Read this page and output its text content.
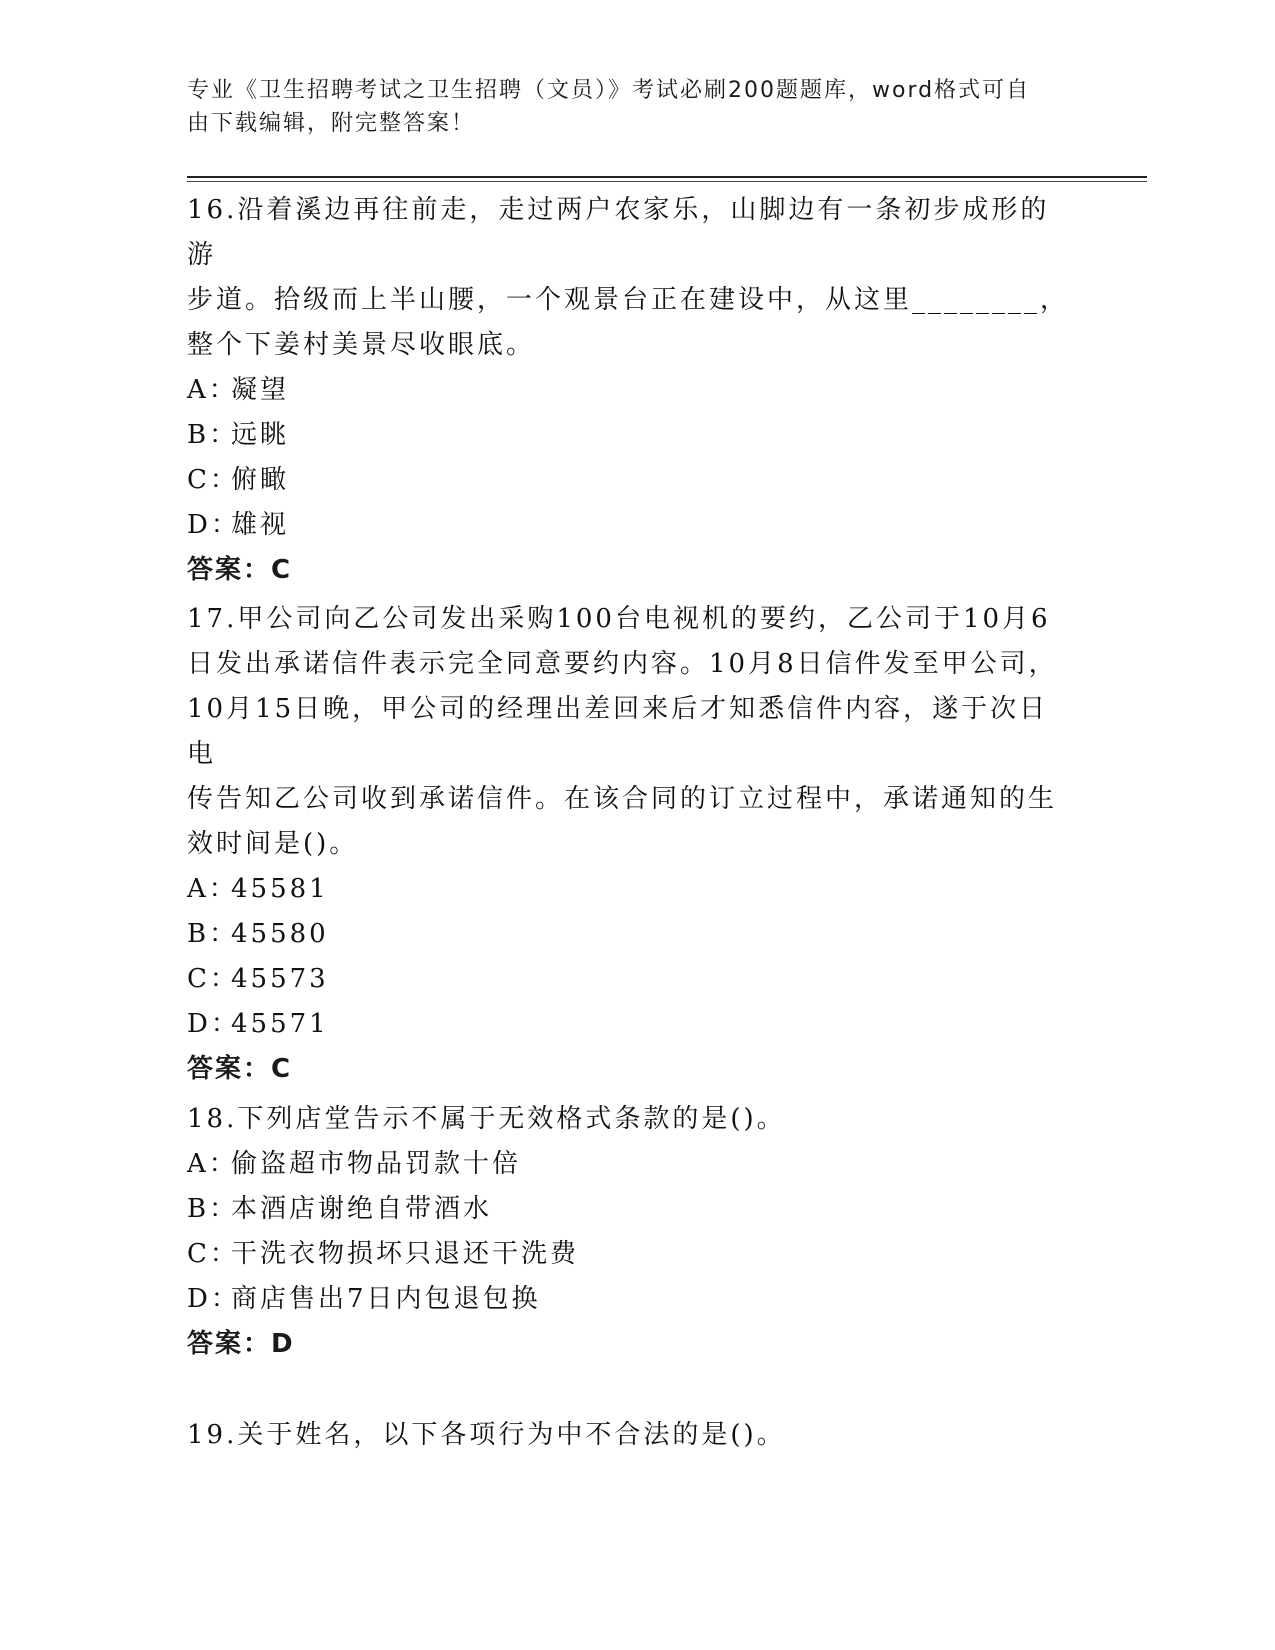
专业《卫生招聘考试之卫生招聘（文员）》考试必刷200题题库，word格式可自
由下载编辑，附完整答案！

16.沿着溪边再往前走，走过两户农家乐，山脚边有一条初步成形的游

步道。拾级而上半山腰，一个观景台正在建设中，从这里________，

整个下姜村美景尽收眼底。

A：凝望

B：远眺

C：俯瞰

D：雄视

答案：C

17.甲公司向乙公司发出采购100台电视机的要约，乙公司于10月6

日发出承诺信件表示完全同意要约内容。10月8日信件发至甲公司，

10月15日晚，甲公司的经理出差回来后才知悉信件内容，遂于次日电

传告知乙公司收到承诺信件。在该合同的订立过程中，承诺通知的生

效时间是()。

A：45581

B：45580

C：45573

D：45571

答案：C

18.下列店堂告示不属于无效格式条款的是()。

A：偷盗超市物品罚款十倍

B：本酒店谢绝自带酒水

C：干洗衣物损坏只退还干洗费

D：商店售出7日内包退包换

答案：D

19.关于姓名，以下各项行为中不合法的是()。
